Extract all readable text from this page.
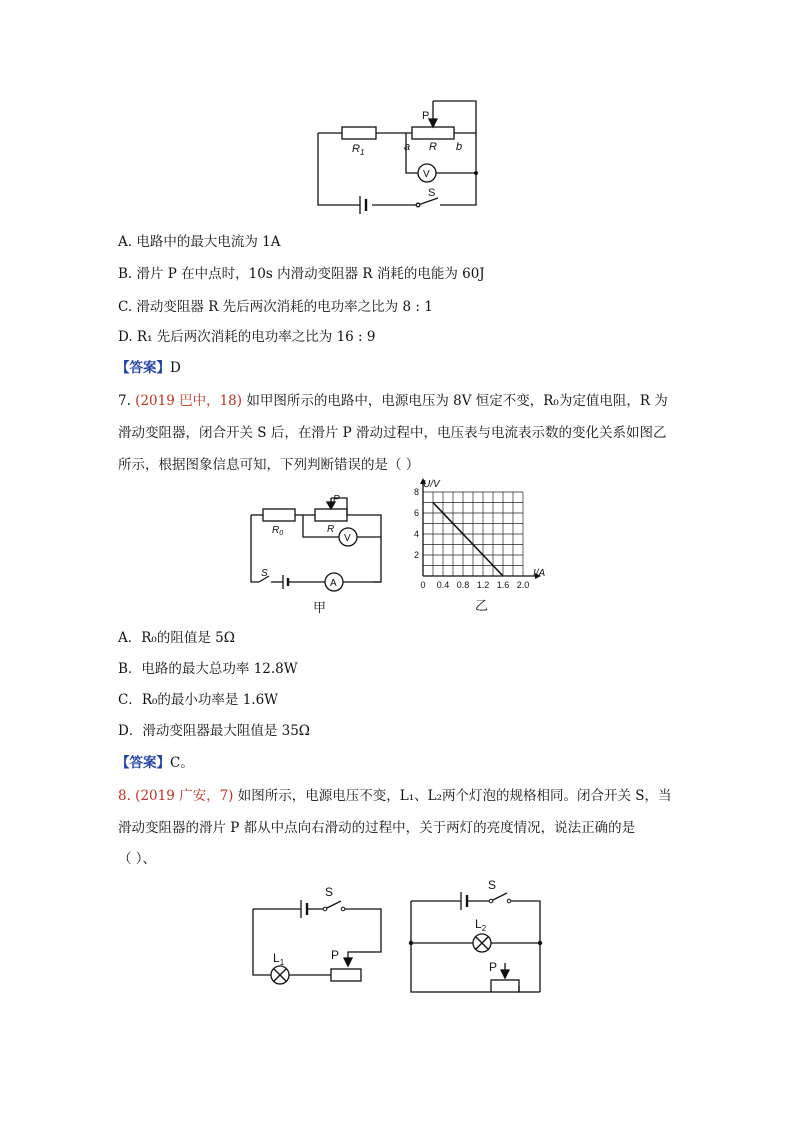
P
$R_1$	a R b
V
S
A. 电路中的最大电流为 1A
B. 滑片 P 在中点时，10s 内滑动变阻器 R 消耗的电能为 60J
C. 滑动变阻器 R 先后两次消耗的电功率之比为 8 : 1
D. R₁ 先后两次消耗的电功率之比为 16 : 9
【答案】D
7. (2019 巴中，18) 如甲图所示的电路中，电源电压为 8V 恒定不变，R₀为定值电阻，R 为
滑动变阻器，闭合开关 S 后，在滑片 P 滑动过程中，电压表与电流表示数的变化关系如图乙
所示，根据图象信息可知，下列判断错误的是（ ）
P
$R_0$	R
V
A
S
甲
0 0.4 0.8 1.2 1.6 2.0
2
4
6
8
U/V
I/A
乙
A．R₀的阻值是 5Ω
B．电路的最大总功率 12.8W
C．R₀的最小功率是 1.6W
D．滑动变阻器最大阻值是 35Ω
【答案】C。
8. (2019 广安，7) 如图所示，电源电压不变，L₁、L₂两个灯泡的规格相同。闭合开关 S，当
滑动变阻器的滑片 P 都从中点向右滑动的过程中，关于两灯的亮度情况，说法正确的是
（ ）、
S
$L_1$
P
S
$L_2$
P
